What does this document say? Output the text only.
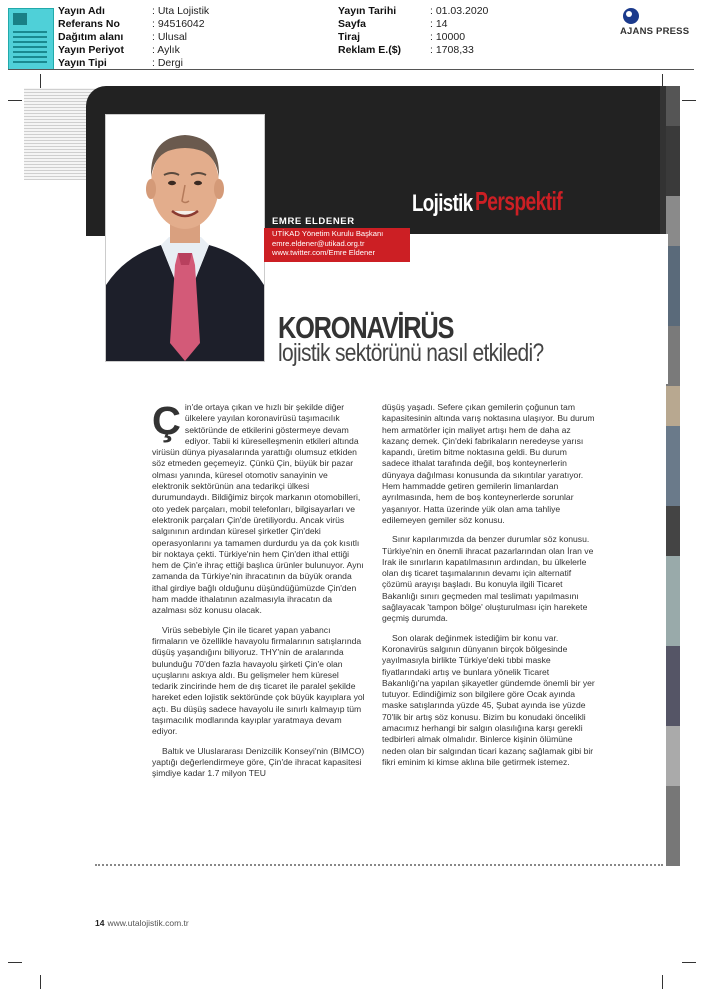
Yayın Adı	: Uta Lojistik
Referans No	: 94516042
Dağıtım alanı	: Ulusal
Yayın Periyot	: Aylık
Yayın Tipi	: Dergi
Yayın Tarihi	: 01.03.2020
Sayfa	: 14
Tiraj	: 10000
Reklam E.($)	: 1708,33
AJANS PRESS
EMRE ELDENER
UTİKAD Yönetim Kurulu Başkanı
emre.eldener@utikad.org.tr
www.twitter.com/Emre Eldener
Lojistik Perspektif
KORONAVİRÜS
lojistik sektörünü nasıl etkiledi?

Çin'de ortaya çıkan ve hızlı bir şekilde diğer ülkelere yayılan koronavirüsü taşımacılık sektöründe de etkilerini göstermeye devam ediyor. Tabii ki küreselleşmenin etkileri altında virüsün dünya piyasalarında yarattığı olumsuz etkiden söz etmeden geçemeyiz. Çünkü Çin, büyük bir pazar olması yanında, küresel otomotiv sanayinin ve elektronik sektörünün ana tedarikçi ülkesi durumundaydı. Bildiğimiz birçok markanın otomobilleri, oto yedek parçaları, mobil telefonları, bilgisayarları ve elektronik parçaları Çin'de üretiliyordu. Ancak virüs salgınının ardından küresel şirketler Çin'deki operasyonlarını ya tamamen durdurdu ya da çok kısıtlı bir noktaya çekti. Türkiye'nin hem Çin'den ithal ettiği hem de Çin'e ihraç ettiği başlıca ürünler bulunuyor. Aynı zamanda da Türkiye'nin ihracatının da büyük oranda ithal girdiye bağlı olduğunu düşündüğümüzde Çin'den ham madde ithalatının azalmasıyla ihracatın da azalması söz konusu olacak.

Virüs sebebiyle Çin ile ticaret yapan yabancı firmaların ve özellikle havayolu firmalarının satışlarında düşüş yaşandığını biliyoruz. THY'nin de aralarında bulunduğu 70'den fazla havayolu şirketi Çin'e olan uçuşlarını askıya aldı. Bu gelişmeler hem küresel tedarik zincirinde hem de dış ticaret ile paralel şekilde hareket eden lojistik sektöründe çok büyük kayıplara yol açtı. Bu düşüş sadece havayolu ile sınırlı kalmayıp tüm taşımacılık modlarında kayıplar yaratmaya devam ediyor.

Baltık ve Uluslararası Denizcilik Konseyi'nin (BIMCO) yaptığı değerlendirmeye göre, Çin'de ihracat kapasitesi şimdiye kadar 1.7 milyon TEU

düşüş yaşadı. Sefere çıkan gemilerin çoğunun tam kapasitesinin altında varış noktasına ulaşıyor. Bu durum hem armatörler için maliyet artışı hem de daha az kazanç demek. Çin'deki fabrikaların neredeyse yarısı kapandı, üretim bitme noktasına geldi. Bu durum sadece ithalat tarafında değil, boş konteynerlerin dünyaya dağılması konusunda da sıkıntılar yaratıyor. Hem hammadde getiren gemilerin limanlardan ayrılmasında, hem de boş konteynerlerde sorunlar yaşanıyor. Hatta üzerinde yük olan ama tahliye edilemeyen gemiler söz konusu.

Sınır kapılarımızda da benzer durumlar söz konusu. Türkiye'nin en önemli ihracat pazarlarından olan İran ve Irak ile sınırların kapatılmasının ardından, bu ülkelerle olan dış ticaret taşımalarının devamı için alternatif çözümü arayışı başladı. Bu konuyla ilgili Ticaret Bakanlığı sınırı geçmeden mal teslimatı yapılmasını sağlayacak 'tampon bölge' oluşturulması için harekete geçmiş durumda.

Son olarak değinmek istediğim bir konu var. Koronavirüs salgının dünyanın birçok bölgesinde yayılmasıyla birlikte Türkiye'deki tıbbi maske fiyatlarındaki artış ve bunlara yönelik Ticaret Bakanlığı'na yapılan şikayetler gündemde önemli bir yer tutuyor. Edindiğimiz son bilgilere göre Ocak ayında maske satışlarında yüzde 45, Şubat ayında ise yüzde 70'lik bir artış söz konusu. Bizim bu konudaki öncelikli amacımız herhangi bir salgın olasılığına karşı gerekli tedbirleri almak olmalıdır. Binlerce kişinin ölümüne neden olan bir salgından ticari kazanç sağlamak gibi bir fikri eminim ki kimse aklına bile getirmek istemez.

14 www.utalojistik.com.tr
